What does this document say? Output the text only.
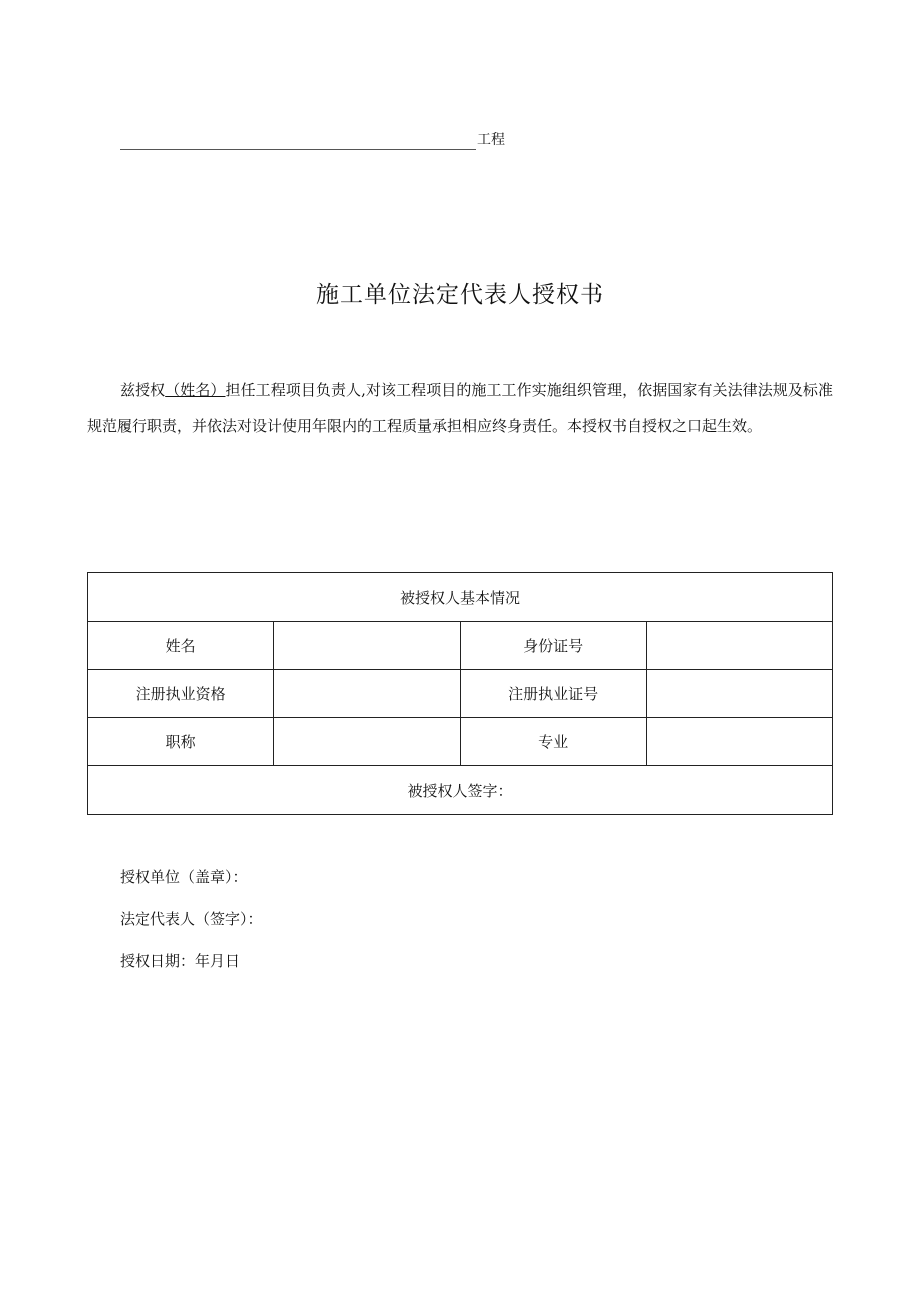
工程
施工单位法定代表人授权书
兹授权（姓名）担任工程项目负责人,对该工程项目的施工工作实施组织管理，依据国家有关法律法规及标准规范履行职责，并依法对设计使用年限内的工程质量承担相应终身责任。本授权书自授权之口起生效。
被授权人基本情况			
姓名		身份证号	
注册执业资格		注册执业证号	
职称		专业	
被授权人签字：			
授权单位（盖章）：
法定代表人（签字）：
授权日期：年月日
